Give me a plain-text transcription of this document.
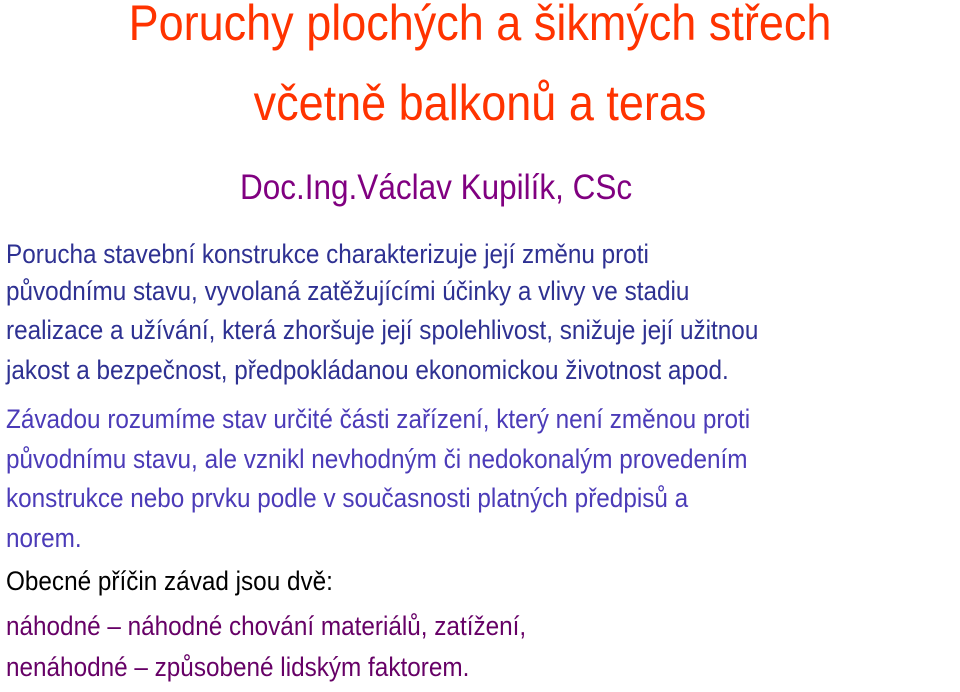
Poruchy plochých a šikmých střech
včetně balkonů a teras
Doc.Ing.Václav Kupilík, CSc
Porucha stavební konstrukce charakterizuje její změnu proti
původnímu stavu, vyvolaná zatěžujícími účinky a vlivy ve stadiu
realizace a užívání, která zhoršuje její spolehlivost, snižuje její užitnou
jakost a bezpečnost, předpokládanou ekonomickou životnost apod.
Závadou rozumíme stav určité části zařízení, který není změnou proti
původnímu stavu, ale vznikl nevhodným či nedokonalým provedením
konstrukce nebo prvku podle v současnosti platných předpisů a
norem.
Obecné příčin závad jsou dvě:
náhodné – náhodné chování materiálů, zatížení,
nenáhodné – způsobené lidským faktorem.
